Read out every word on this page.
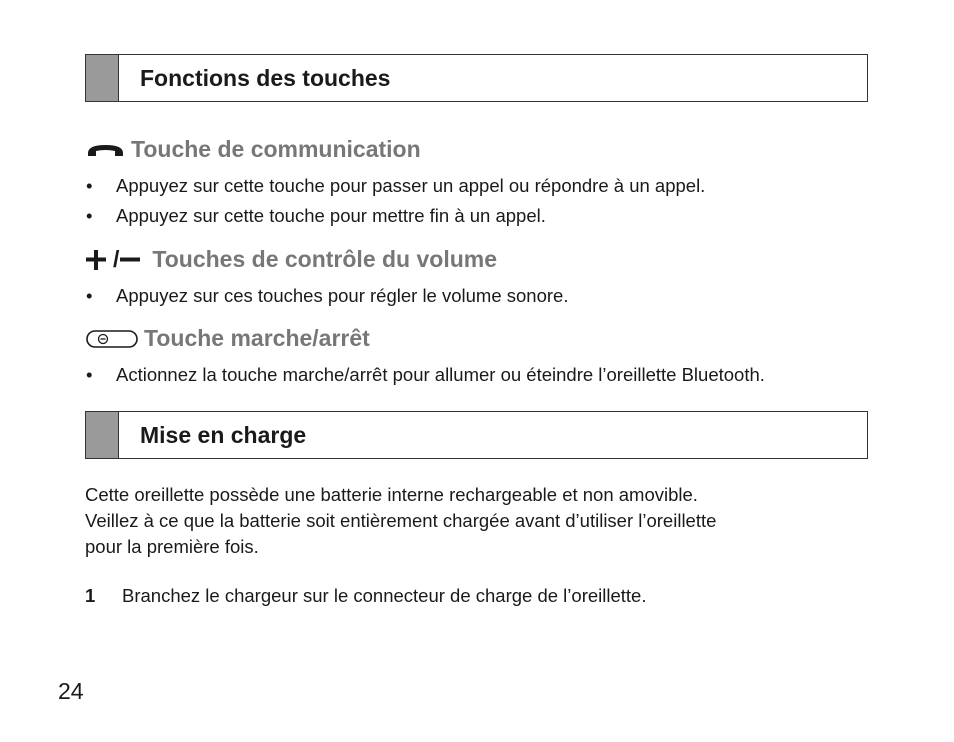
Fonctions des touches
Touche de communication
•	Appuyez sur cette touche pour passer un appel ou répondre à un appel.
•	Appuyez sur cette touche pour mettre fin à un appel.
/ Touches de contrôle du volume
•	Appuyez sur ces touches pour régler le volume sonore.
Touche marche/arrêt
•	Actionnez la touche marche/arrêt pour allumer ou éteindre l’oreillette Bluetooth.
Mise en charge
Cette oreillette possède une batterie interne rechargeable et non amovible.
Veillez à ce que la batterie soit entièrement chargée avant d’utiliser l’oreillette
pour la première fois.
1	Branchez le chargeur sur le connecteur de charge de l’oreillette.
24
